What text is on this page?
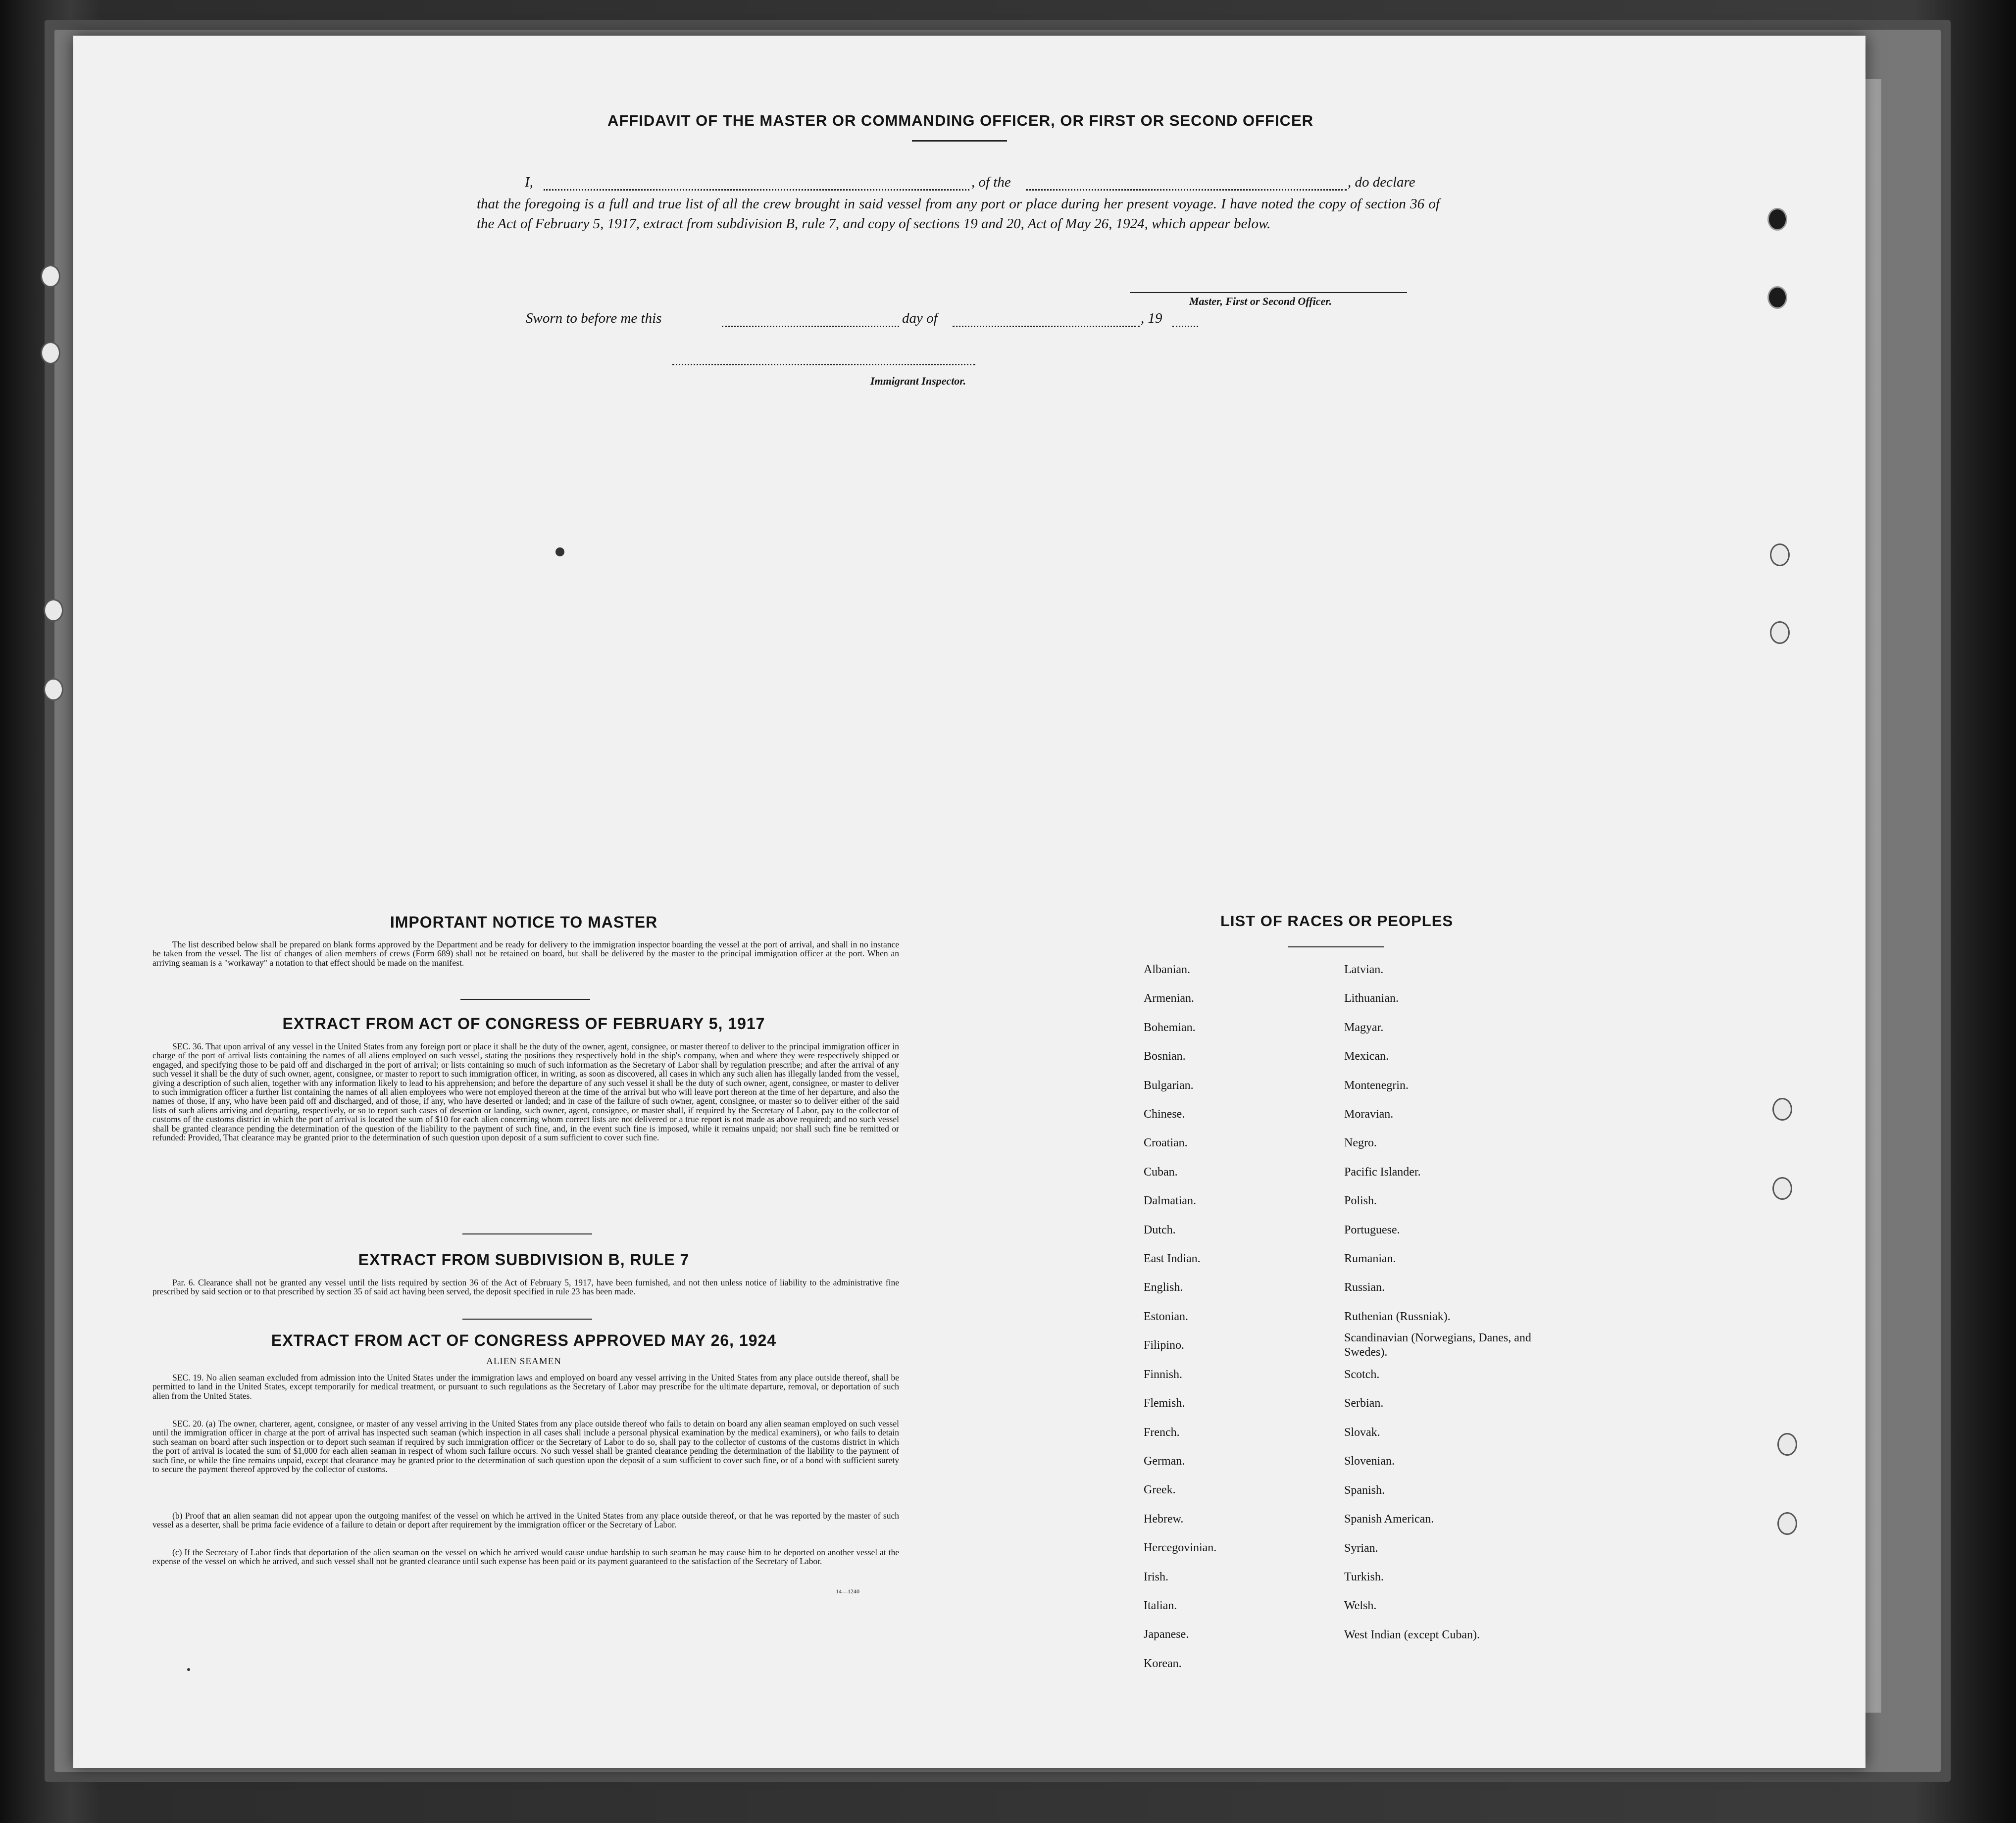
AFFIDAVIT OF THE MASTER OR COMMANDING OFFICER, OR FIRST OR SECOND OFFICER
I,	, of the	, do declare
that the foregoing is a full and true list of all the crew brought in said vessel from any port or place during her present voyage. I have noted the copy of section 36 of the Act of February 5, 1917, extract from subdivision B, rule 7, and copy of sections 19 and 20, Act of May 26, 1924, which appear below.
Master, First or Second Officer.
Sworn to before me this	day of	, 19
Immigrant Inspector.
IMPORTANT NOTICE TO MASTER
The list described below shall be prepared on blank forms approved by the Department and be ready for delivery to the immigration inspector boarding the vessel at the port of arrival, and shall in no instance be taken from the vessel. The list of changes of alien members of crews (Form 689) shall not be retained on board, but shall be delivered by the master to the principal immigration officer at the port. When an arriving seaman is a "workaway" a notation to that effect should be made on the manifest.
EXTRACT FROM ACT OF CONGRESS OF FEBRUARY 5, 1917
SEC. 36. That upon arrival of any vessel in the United States from any foreign port or place it shall be the duty of the owner, agent, consignee, or master thereof to deliver to the principal immigration officer in charge of the port of arrival lists containing the names of all aliens employed on such vessel, stating the positions they respectively hold in the ship's company, when and where they were respectively shipped or engaged, and specifying those to be paid off and discharged in the port of arrival; or lists containing so much of such information as the Secretary of Labor shall by regulation prescribe; and after the arrival of any such vessel it shall be the duty of such owner, agent, consignee, or master to report to such immigration officer, in writing, as soon as discovered, all cases in which any such alien has illegally landed from the vessel, giving a description of such alien, together with any information likely to lead to his apprehension; and before the departure of any such vessel it shall be the duty of such owner, agent, consignee, or master to deliver to such immigration officer a further list containing the names of all alien employees who were not employed thereon at the time of the arrival but who will leave port thereon at the time of her departure, and also the names of those, if any, who have been paid off and discharged, and of those, if any, who have deserted or landed; and in case of the failure of such owner, agent, consignee, or master so to deliver either of the said lists of such aliens arriving and departing, respectively, or so to report such cases of desertion or landing, such owner, agent, consignee, or master shall, if required by the Secretary of Labor, pay to the collector of customs of the customs district in which the port of arrival is located the sum of $10 for each alien concerning whom correct lists are not delivered or a true report is not made as above required; and no such vessel shall be granted clearance pending the determination of the question of the liability to the payment of such fine, and, in the event such fine is imposed, while it remains unpaid; nor shall such fine be remitted or refunded: Provided, That clearance may be granted prior to the determination of such question upon deposit of a sum sufficient to cover such fine.
EXTRACT FROM SUBDIVISION B, RULE 7
Par. 6. Clearance shall not be granted any vessel until the lists required by section 36 of the Act of February 5, 1917, have been furnished, and not then unless notice of liability to the administrative fine prescribed by said section or to that prescribed by section 35 of said act having been served, the deposit specified in rule 23 has been made.
EXTRACT FROM ACT OF CONGRESS APPROVED MAY 26, 1924
ALIEN SEAMEN
SEC. 19. No alien seaman excluded from admission into the United States under the immigration laws and employed on board any vessel arriving in the United States from any place outside thereof, shall be permitted to land in the United States, except temporarily for medical treatment, or pursuant to such regulations as the Secretary of Labor may prescribe for the ultimate departure, removal, or deportation of such alien from the United States.
SEC. 20. (a) The owner, charterer, agent, consignee, or master of any vessel arriving in the United States from any place outside thereof who fails to detain on board any alien seaman employed on such vessel until the immigration officer in charge at the port of arrival has inspected such seaman (which inspection in all cases shall include a personal physical examination by the medical examiners), or who fails to detain such seaman on board after such inspection or to deport such seaman if required by such immigration officer or the Secretary of Labor to do so, shall pay to the collector of customs of the customs district in which the port of arrival is located the sum of $1,000 for each alien seaman in respect of whom such failure occurs. No such vessel shall be granted clearance pending the determination of the liability to the payment of such fine, or while the fine remains unpaid, except that clearance may be granted prior to the determination of such question upon the deposit of a sum sufficient to cover such fine, or of a bond with sufficient surety to secure the payment thereof approved by the collector of customs.
(b) Proof that an alien seaman did not appear upon the outgoing manifest of the vessel on which he arrived in the United States from any place outside thereof, or that he was reported by the master of such vessel as a deserter, shall be prima facie evidence of a failure to detain or deport after requirement by the immigration officer or the Secretary of Labor.
(c) If the Secretary of Labor finds that deportation of the alien seaman on the vessel on which he arrived would cause undue hardship to such seaman he may cause him to be deported on another vessel at the expense of the vessel on which he arrived, and such vessel shall not be granted clearance until such expense has been paid or its payment guaranteed to the satisfaction of the Secretary of Labor.
14—1240
LIST OF RACES OR PEOPLES
Albanian.
Armenian.
Bohemian.
Bosnian.
Bulgarian.
Chinese.
Croatian.
Cuban.
Dalmatian.
Dutch.
East Indian.
English.
Estonian.
Filipino.
Finnish.
Flemish.
French.
German.
Greek.
Hebrew.
Hercegovinian.
Irish.
Italian.
Japanese.
Korean.
Latvian.
Lithuanian.
Magyar.
Mexican.
Montenegrin.
Moravian.
Negro.
Pacific Islander.
Polish.
Portuguese.
Rumanian.
Russian.
Ruthenian (Russniak).
Scandinavian (Norwegians, Danes, and Swedes).
Scotch.
Serbian.
Slovak.
Slovenian.
Spanish.
Spanish American.
Syrian.
Turkish.
Welsh.
West Indian (except Cuban).
